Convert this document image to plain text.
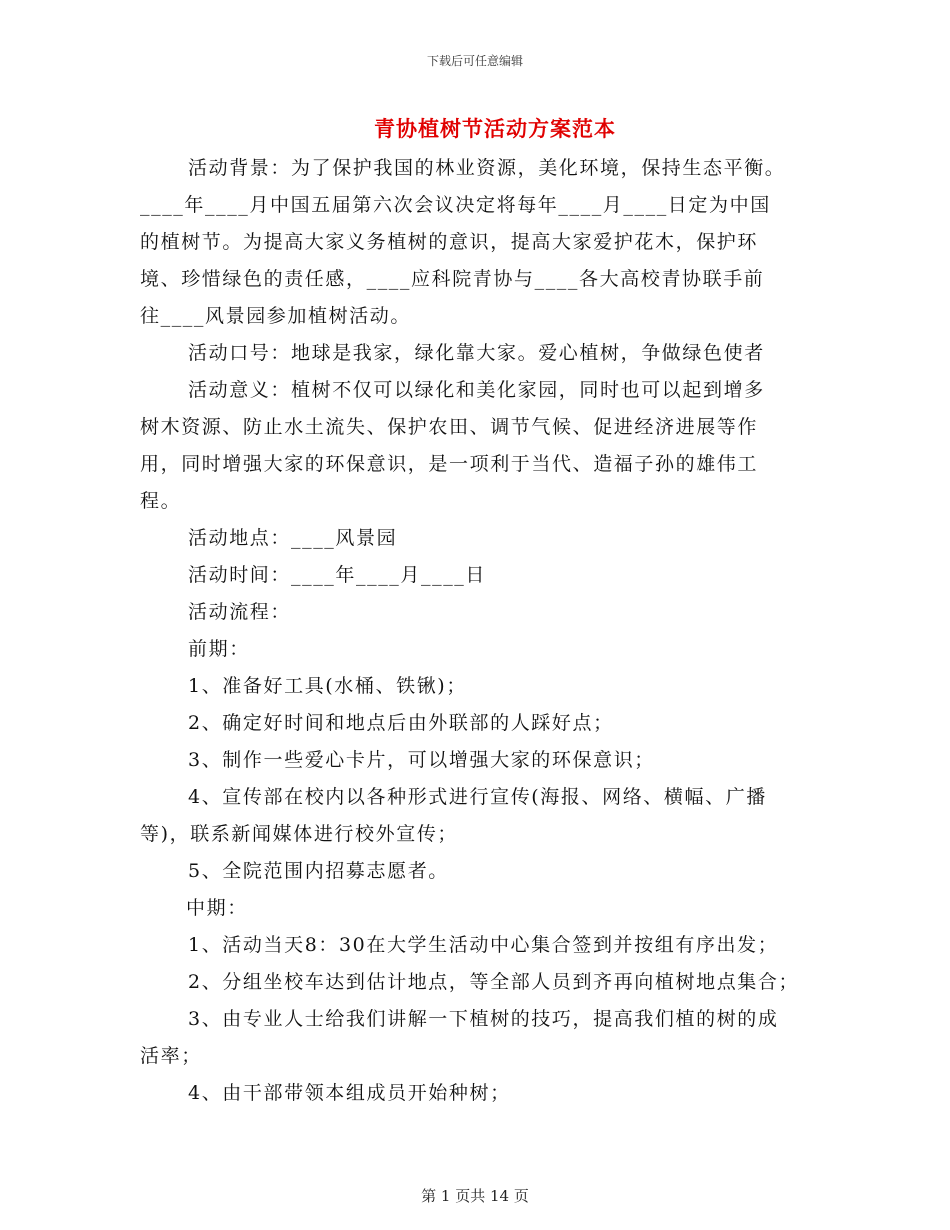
下载后可任意编辑
青协植树节活动方案范本

活动背景：为了保护我国的林业资源，美化环境，保持生态平衡。

____年____月中国五届第六次会议决定将每年____月____日定为中国

的植树节。为提高大家义务植树的意识，提高大家爱护花木，保护环

境、珍惜绿色的责任感，____应科院青协与____各大高校青协联手前

往____风景园参加植树活动。

活动口号：地球是我家，绿化靠大家。爱心植树，争做绿色使者

活动意义：植树不仅可以绿化和美化家园，同时也可以起到增多

树木资源、防止水土流失、保护农田、调节气候、促进经济进展等作

用，同时增强大家的环保意识，是一项利于当代、造福子孙的雄伟工

程。

活动地点：____风景园

活动时间：____年____月____日

活动流程：

前期：

1、准备好工具(水桶、铁锹)；

2、确定好时间和地点后由外联部的人踩好点；

3、制作一些爱心卡片，可以增强大家的环保意识；

4、宣传部在校内以各种形式进行宣传(海报、网络、横幅、广播

等)，联系新闻媒体进行校外宣传；

5、全院范围内招募志愿者。

中期：

1、活动当天8：30在大学生活动中心集合签到并按组有序出发；

2、分组坐校车达到估计地点，等全部人员到齐再向植树地点集合；

3、由专业人士给我们讲解一下植树的技巧，提高我们植的树的成

活率；

4、由干部带领本组成员开始种树；

第 1 页共 14 页
